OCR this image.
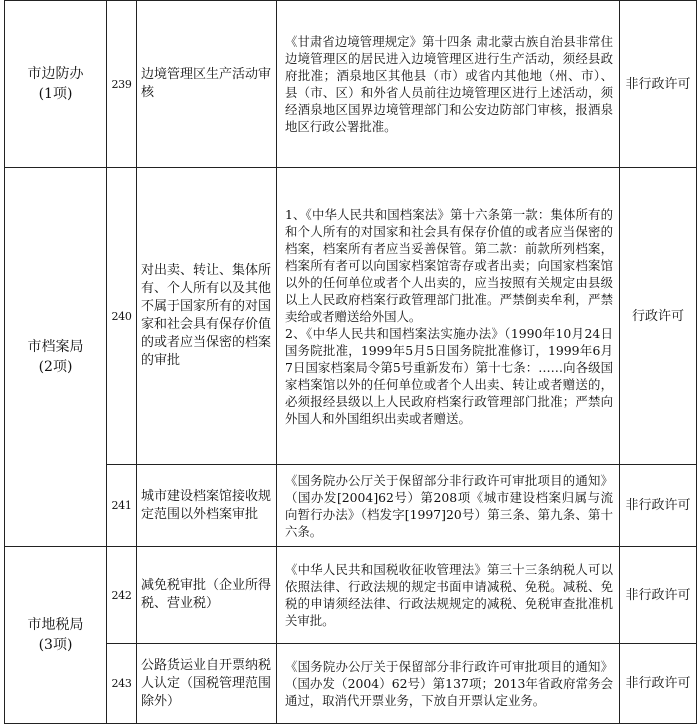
市边防办
(1项)	239	边境管理区生产活动审核	《甘肃省边境管理规定》第十四条 肃北蒙古族自治县非常住边境管理区的居民进入边境管理区进行生产活动，须经县政府批准；酒泉地区其他县（市）或省内其他地（州、市）、县（市、区）和外省人员前往边境管理区进行上述活动，须经酒泉地区国界边境管理部门和公安边防部门审核，报酒泉地区行政公署批准。	非行政许可

市档案局
(2项)	240	对出卖、转让、集体所有、个人所有以及其他不属于国家所有的对国家和社会具有保存价值的或者应当保密的档案的审批	1、《中华人民共和国档案法》第十六条第一款：集体所有的和个人所有的对国家和社会具有保存价值的或者应当保密的档案，档案所有者应当妥善保管。第二款：前款所列档案，档案所有者可以向国家档案馆寄存或者出卖；向国家档案馆以外的任何单位或者个人出卖的，应当按照有关规定由县级以上人民政府档案行政管理部门批准。严禁倒卖牟利，严禁卖给或者赠送给外国人。
2、《中华人民共和国档案法实施办法》（1990年10月24日国务院批准，1999年5月5日国务院批准修订，1999年6月7日国家档案局令第5号重新发布）第十七条：……向各级国家档案馆以外的任何单位或者个人出卖、转让或者赠送的，必须报经县级以上人民政府档案行政管理部门批准；严禁向外国人和外国组织出卖或者赠送。	行政许可
	241	城市建设档案馆接收规定范围以外档案审批	《国务院办公厅关于保留部分非行政许可审批项目的通知》（国办发[2004]62号）第208项《城市建设档案归属与流向暂行办法》（档发字[1997]20号）第三条、第九条、第十六条。	非行政许可

市地税局
(3项)	242	减免税审批（企业所得税、营业税）	《中华人民共和国税收征收管理法》第三十三条纳税人可以依照法律、行政法规的规定书面申请减税、免税。减税、免税的申请须经法律、行政法规规定的减税、免税审查批准机关审批。	非行政许可
	243	公路货运业自开票纳税人认定（国税管理范围除外）	《国务院办公厅关于保留部分非行政许可审批项目的通知》（国办发（2004）62号）第137项；2013年省政府常务会通过，取消代开票业务，下放自开票认定业务。	非行政许可
